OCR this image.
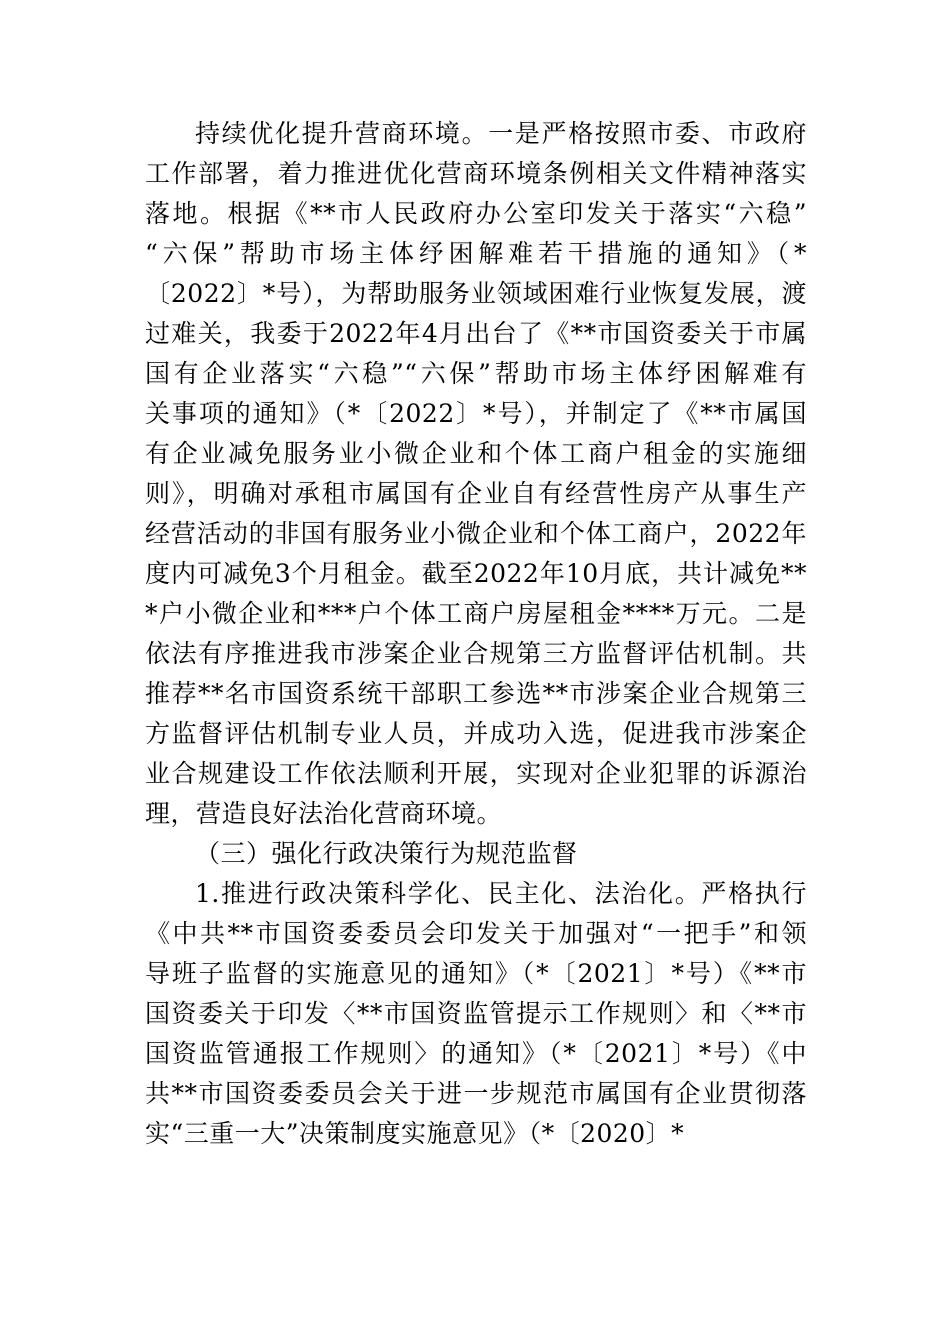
持续优化提升营商环境。一是严格按照市委、市政府
工作部署，着力推进优化营商环境条例相关文件精神落实
落地。根据《**市人民政府办公室印发关于落实“六稳”
“六保”帮助市场主体纾困解难若干措施的通知》（*
〔2022〕*号），为帮助服务业领域困难行业恢复发展，渡
过难关，我委于2022年4月出台了《**市国资委关于市属
国有企业落实“六稳”“六保”帮助市场主体纾困解难有
关事项的通知》（*〔2022〕*号），并制定了《**市属国
有企业减免服务业小微企业和个体工商户租金的实施细
则》，明确对承租市属国有企业自有经营性房产从事生产
经营活动的非国有服务业小微企业和个体工商户，2022年
度内可减免3个月租金。截至2022年10月底，共计减免**
*户小微企业和***户个体工商户房屋租金****万元。二是
依法有序推进我市涉案企业合规第三方监督评估机制。共
推荐**名市国资系统干部职工参选**市涉案企业合规第三
方监督评估机制专业人员，并成功入选，促进我市涉案企
业合规建设工作依法顺利开展，实现对企业犯罪的诉源治
理，营造良好法治化营商环境。
（三）强化行政决策行为规范监督
1.推进行政决策科学化、民主化、法治化。严格执行
《中共**市国资委委员会印发关于加强对“一把手”和领
导班子监督的实施意见的通知》（*〔2021〕*号）《**市
国资委关于印发〈**市国资监管提示工作规则〉和〈**市
国资监管通报工作规则〉的通知》（*〔2021〕*号）《中
共**市国资委委员会关于进一步规范市属国有企业贯彻落
实“三重一大”决策制度实施意见》（*〔2020〕*
